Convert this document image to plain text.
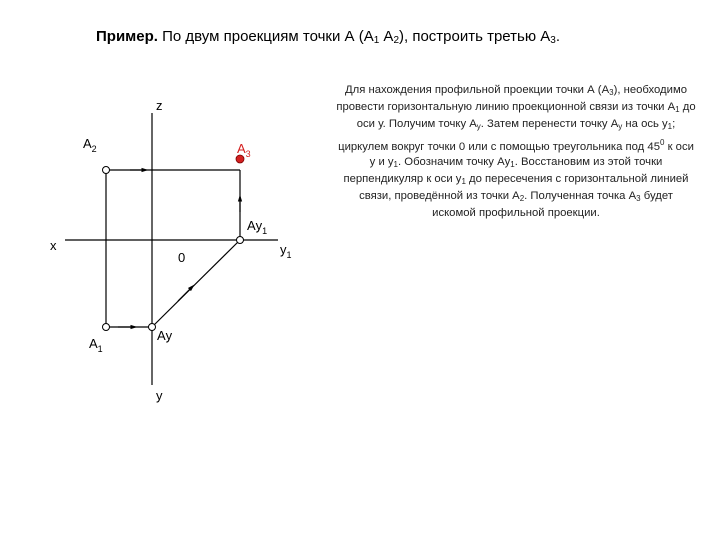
Пример. По двум проекциям точки А ($А_1$ $А_2$), построить третью $А_3$.
z
x
y
$y_1$
0
$А_2$	$А_3$
$А_1$
Аy
$Аy_1$
Для нахождения профильной проекции точки А $(А_3)$, необходимо провести горизонтальную линию проекционной связи из точки $А_1$ до оси у. Получим точку $А_у$. Затем перенести точку $А_у$ на ось $у_1$; циркулем вокруг точки 0 или с помощью треугольника под $45^0$ к оси у и $у_1$. Обозначим точку $Аy_1$. Восстановим из этой точки перпендикуляр к оси $у_1$ до пересечения с горизонтальной линией связи, проведённой из точки $А_2$. Полученная точка $А_3$ будет искомой профильной проекции.
